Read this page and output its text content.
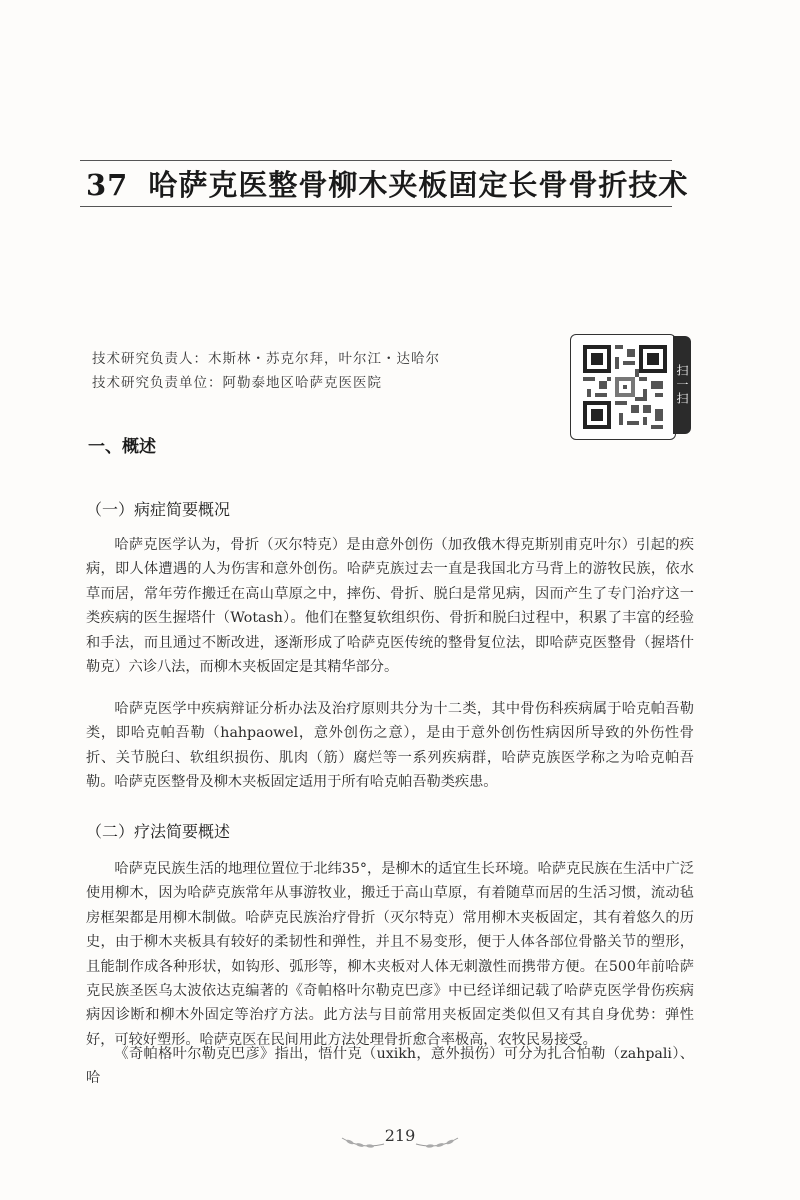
37 哈萨克医整骨柳木夹板固定长骨骨折技术
技术研究负责人：木斯林・苏克尔拜，叶尔江・达哈尔
技术研究负责单位：阿勒泰地区哈萨克医医院	扫一扫
一、概述
（一）病症简要概况
哈萨克医学认为，骨折（灭尔特克）是由意外创伤（加孜俄木得克斯别甫克叶尔）引起的疾病，即人体遭遇的人为伤害和意外创伤。哈萨克族过去一直是我国北方马背上的游牧民族，依水草而居，常年劳作搬迁在高山草原之中，摔伤、骨折、脱臼是常见病，因而产生了专门治疗这一类疾病的医生握塔什（Wotash）。他们在整复软组织伤、骨折和脱臼过程中，积累了丰富的经验和手法，而且通过不断改进，逐渐形成了哈萨克医传统的整骨复位法，即哈萨克医整骨（握塔什勒克）六诊八法，而柳木夹板固定是其精华部分。
哈萨克医学中疾病辩证分析办法及治疗原则共分为十二类，其中骨伤科疾病属于哈克帕吾勒类，即哈克帕吾勒（hahpaowel，意外创伤之意），是由于意外创伤性病因所导致的外伤性骨折、关节脱臼、软组织损伤、肌肉（筋）腐烂等一系列疾病群，哈萨克族医学称之为哈克帕吾勒。哈萨克医整骨及柳木夹板固定适用于所有哈克帕吾勒类疾患。
（二）疗法简要概述
哈萨克民族生活的地理位置位于北纬35°，是柳木的适宜生长环境。哈萨克民族在生活中广泛使用柳木，因为哈萨克族常年从事游牧业，搬迁于高山草原，有着随草而居的生活习惯，流动毡房框架都是用柳木制做。哈萨克民族治疗骨折（灭尔特克）常用柳木夹板固定，其有着悠久的历史，由于柳木夹板具有较好的柔韧性和弹性，并且不易变形，便于人体各部位骨骼关节的塑形，且能制作成各种形状，如钩形、弧形等，柳木夹板对人体无刺激性而携带方便。在500年前哈萨克民族圣医乌太波依达克编著的《奇帕格叶尔勒克巴彦》中已经详细记载了哈萨克医学骨伤疾病病因诊断和柳木外固定等治疗方法。此方法与目前常用夹板固定类似但又有其自身优势：弹性好，可较好塑形。哈萨克医在民间用此方法处理骨折愈合率极高，农牧民易接受。
《奇帕格叶尔勒克巴彦》指出，悟什克（uxikh，意外损伤）可分为扎合怕勒（zahpali）、哈
219
